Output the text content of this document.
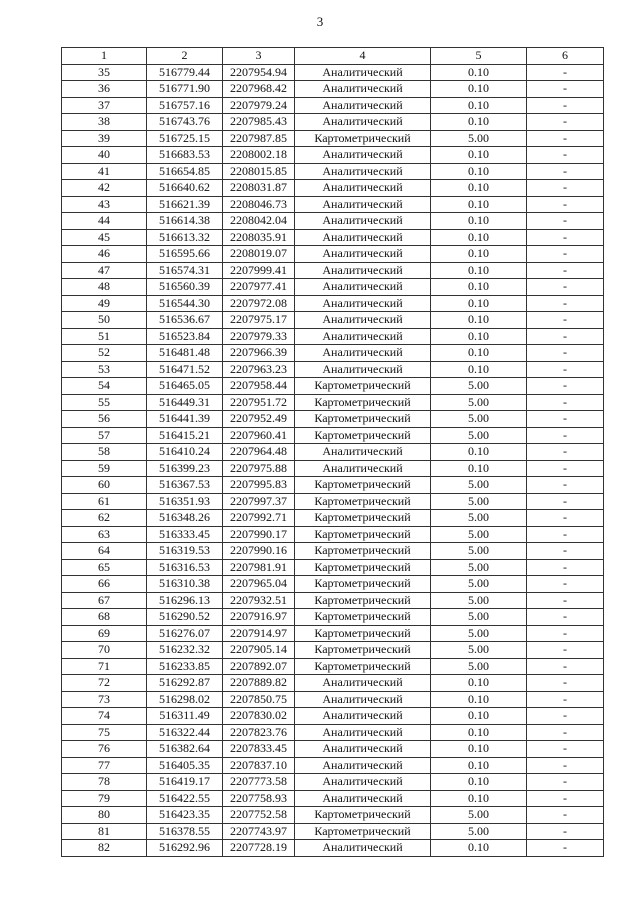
3
1	2	3	4	5	6
35	516779.44	2207954.94	Аналитический	0.10	-
36	516771.90	2207968.42	Аналитический	0.10	-
37	516757.16	2207979.24	Аналитический	0.10	-
38	516743.76	2207985.43	Аналитический	0.10	-
39	516725.15	2207987.85	Картометрический	5.00	-
40	516683.53	2208002.18	Аналитический	0.10	-
41	516654.85	2208015.85	Аналитический	0.10	-
42	516640.62	2208031.87	Аналитический	0.10	-
43	516621.39	2208046.73	Аналитический	0.10	-
44	516614.38	2208042.04	Аналитический	0.10	-
45	516613.32	2208035.91	Аналитический	0.10	-
46	516595.66	2208019.07	Аналитический	0.10	-
47	516574.31	2207999.41	Аналитический	0.10	-
48	516560.39	2207977.41	Аналитический	0.10	-
49	516544.30	2207972.08	Аналитический	0.10	-
50	516536.67	2207975.17	Аналитический	0.10	-
51	516523.84	2207979.33	Аналитический	0.10	-
52	516481.48	2207966.39	Аналитический	0.10	-
53	516471.52	2207963.23	Аналитический	0.10	-
54	516465.05	2207958.44	Картометрический	5.00	-
55	516449.31	2207951.72	Картометрический	5.00	-
56	516441.39	2207952.49	Картометрический	5.00	-
57	516415.21	2207960.41	Картометрический	5.00	-
58	516410.24	2207964.48	Аналитический	0.10	-
59	516399.23	2207975.88	Аналитический	0.10	-
60	516367.53	2207995.83	Картометрический	5.00	-
61	516351.93	2207997.37	Картометрический	5.00	-
62	516348.26	2207992.71	Картометрический	5.00	-
63	516333.45	2207990.17	Картометрический	5.00	-
64	516319.53	2207990.16	Картометрический	5.00	-
65	516316.53	2207981.91	Картометрический	5.00	-
66	516310.38	2207965.04	Картометрический	5.00	-
67	516296.13	2207932.51	Картометрический	5.00	-
68	516290.52	2207916.97	Картометрический	5.00	-
69	516276.07	2207914.97	Картометрический	5.00	-
70	516232.32	2207905.14	Картометрический	5.00	-
71	516233.85	2207892.07	Картометрический	5.00	-
72	516292.87	2207889.82	Аналитический	0.10	-
73	516298.02	2207850.75	Аналитический	0.10	-
74	516311.49	2207830.02	Аналитический	0.10	-
75	516322.44	2207823.76	Аналитический	0.10	-
76	516382.64	2207833.45	Аналитический	0.10	-
77	516405.35	2207837.10	Аналитический	0.10	-
78	516419.17	2207773.58	Аналитический	0.10	-
79	516422.55	2207758.93	Аналитический	0.10	-
80	516423.35	2207752.58	Картометрический	5.00	-
81	516378.55	2207743.97	Картометрический	5.00	-
82	516292.96	2207728.19	Аналитический	0.10	-
